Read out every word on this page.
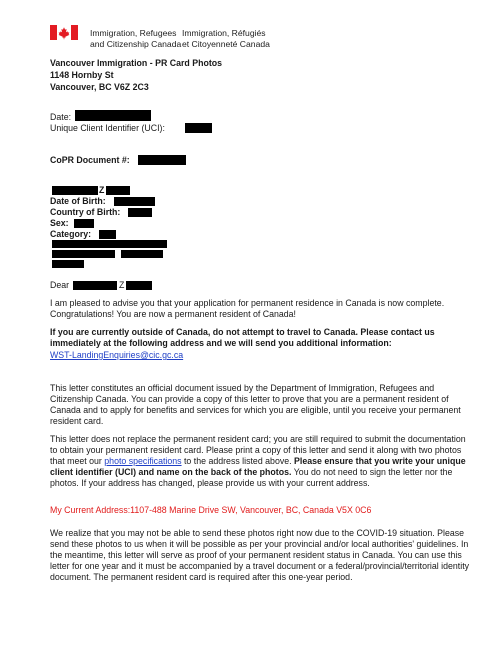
Immigration, Refugees
and Citizenship Canada
Immigration, Réfugiés
et Citoyenneté Canada
Vancouver Immigration - PR Card Photos
1148 Hornby St
Vancouver, BC V6Z 2C3
Date:
Unique Client Identifier (UCI):
CoPR Document #:
Z
Date of Birth:
Country of Birth:
Sex:
Category:
Dear	Z
I am pleased to advise you that your application for permanent residence in Canada is now complete. Congratulations! You are now a permanent resident of Canada!
If you are currently outside of Canada, do not attempt to travel to Canada. Please contact us immediately at the following address and we will send you additional information:
WST-LandingEnquiries@cic.gc.ca
This letter constitutes an official document issued by the Department of Immigration, Refugees and Citizenship Canada. You can provide a copy of this letter to prove that you are a permanent resident of Canada and to apply for benefits and services for which you are eligible, until you receive your permanent resident card.
This letter does not replace the permanent resident card; you are still required to submit the documentation to obtain your permanent resident card. Please print a copy of this letter and send it along with two photos that meet our photo specifications to the address listed above. Please ensure that you write your unique client identifier (UCI) and name on the back of the photos. You do not need to sign the letter nor the photos. If your address has changed, please provide us with your current address.
My Current Address:1107-488 Marine Drive SW, Vancouver, BC, Canada V5X 0C6
We realize that you may not be able to send these photos right now due to the COVID-19 situation. Please send these photos to us when it will be possible as per your provincial and/or local authorities' guidelines. In the meantime, this letter will serve as proof of your permanent resident status in Canada. You can use this letter for one year and it must be accompanied by a travel document or a federal/provincial/territorial identity document. The permanent resident card is required after this one-year period.
